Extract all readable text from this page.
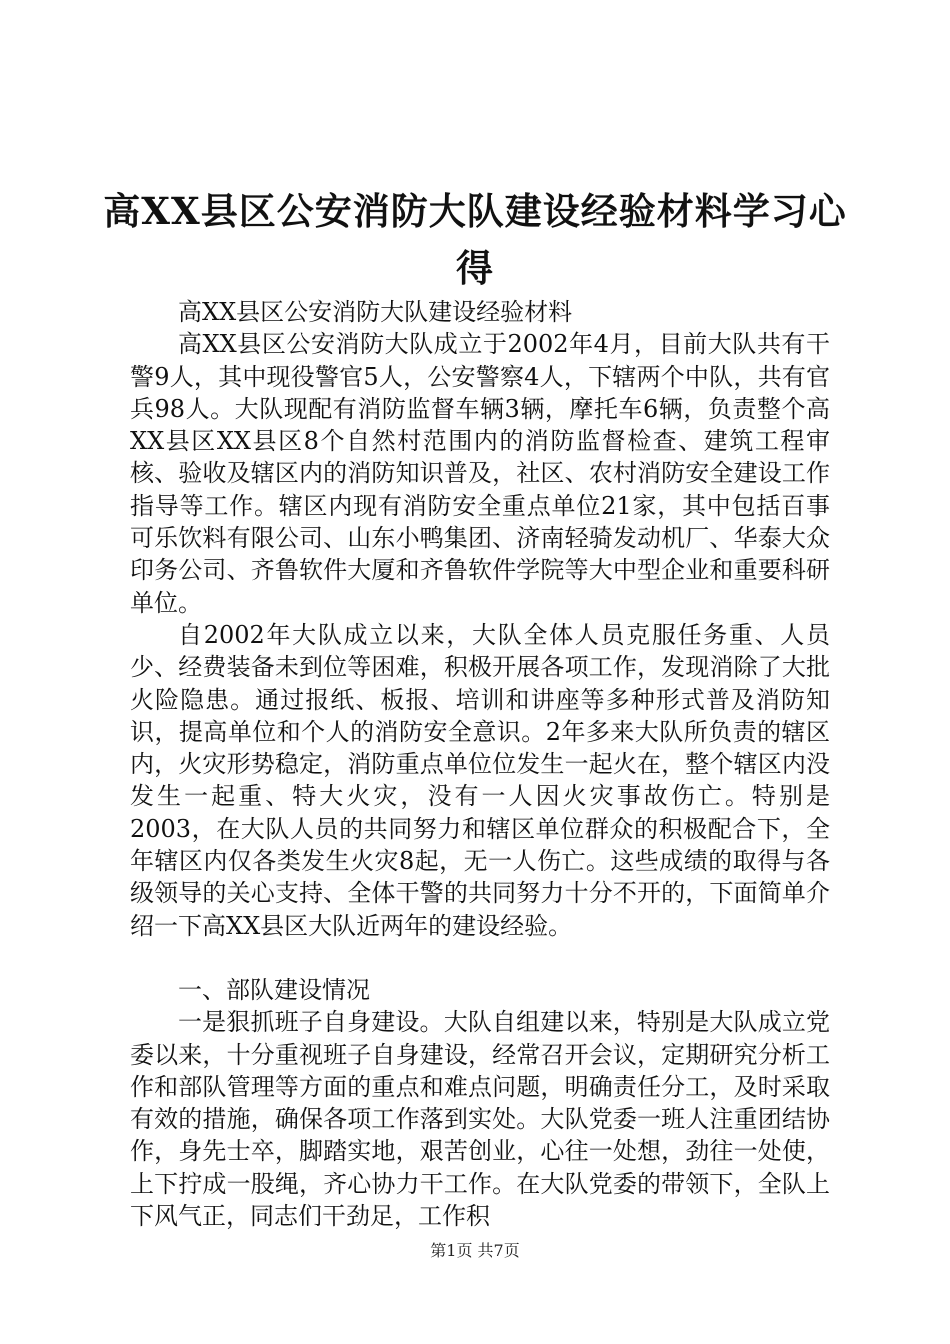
高XX县区公安消防大队建设经验材料学习心得

高XX县区公安消防大队建设经验材料

高XX县区公安消防大队成立于2002年4月，目前大队共有干警9人，其中现役警官5人，公安警察4人，下辖两个中队，共有官兵98人。大队现配有消防监督车辆3辆，摩托车6辆，负责整个高XX县区XX县区8个自然村范围内的消防监督检查、建筑工程审核、验收及辖区内的消防知识普及，社区、农村消防安全建设工作指导等工作。辖区内现有消防安全重点单位21家，其中包括百事可乐饮料有限公司、山东小鸭集团、济南轻骑发动机厂、华泰大众印务公司、齐鲁软件大厦和齐鲁软件学院等大中型企业和重要科研单位。

自2002年大队成立以来，大队全体人员克服任务重、人员少、经费装备未到位等困难，积极开展各项工作，发现消除了大批火险隐患。通过报纸、板报、培训和讲座等多种形式普及消防知识，提高单位和个人的消防安全意识。2年多来大队所负责的辖区内，火灾形势稳定，消防重点单位位发生一起火在，整个辖区内没发生一起重、特大火灾，没有一人因火灾事故伤亡。特别是2003，在大队人员的共同努力和辖区单位群众的积极配合下，全年辖区内仅各类发生火灾8起，无一人伤亡。这些成绩的取得与各级领导的关心支持、全体干警的共同努力十分不开的，下面简单介绍一下高XX县区大队近两年的建设经验。

一、部队建设情况

一是狠抓班子自身建设。大队自组建以来，特别是大队成立党委以来，十分重视班子自身建设，经常召开会议，定期研究分析工作和部队管理等方面的重点和难点问题，明确责任分工，及时采取有效的措施，确保各项工作落到实处。大队党委一班人注重团结协作，身先士卒，脚踏实地，艰苦创业，心往一处想，劲往一处使，上下拧成一股绳，齐心协力干工作。在大队党委的带领下，全队上下风气正，同志们干劲足，工作积

第1页 共7页
